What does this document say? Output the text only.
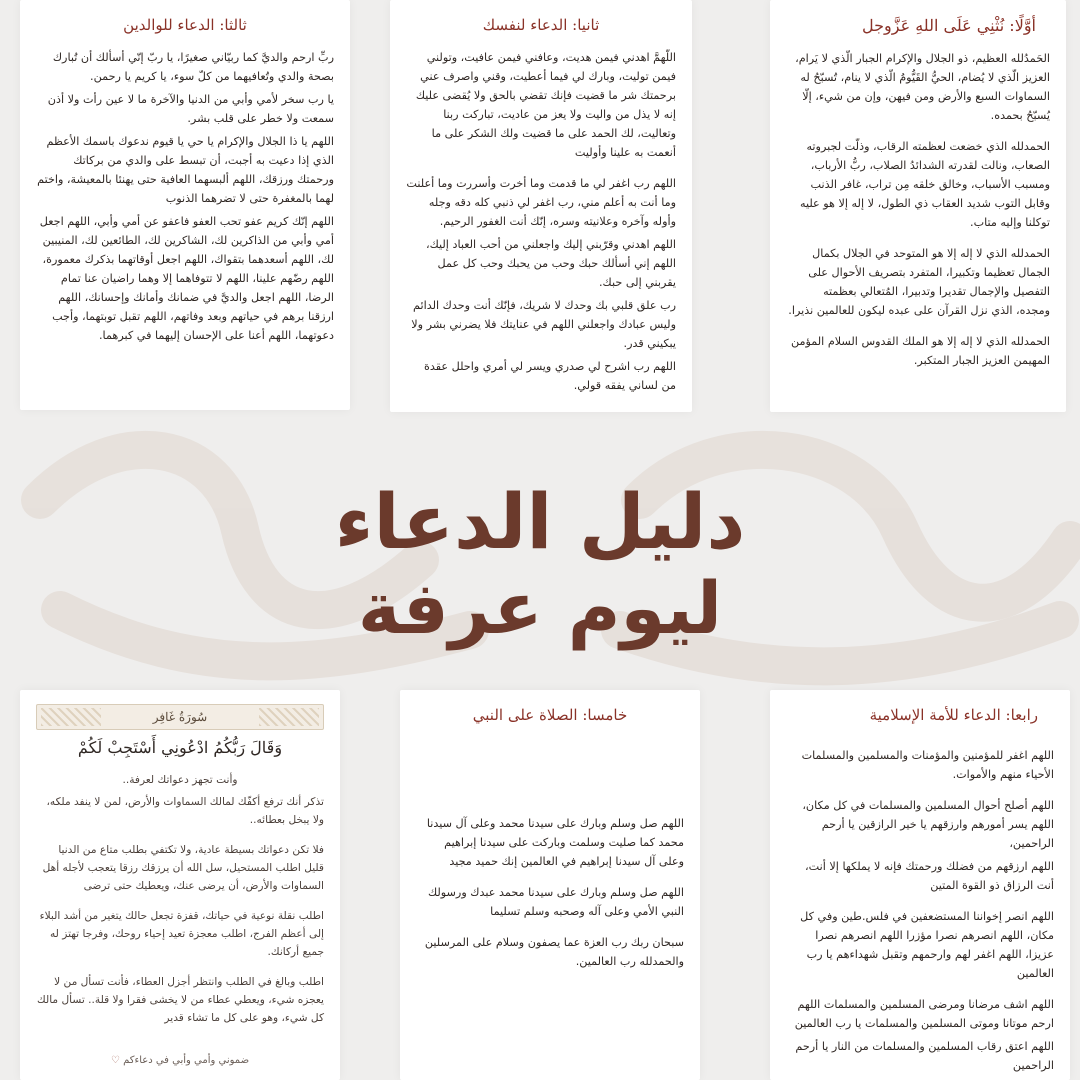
ثالثا: الدعاء للوالدين

ربِّ ارحم والديَّ كما ربيّاني صغيرًا، يا ربّ إنّي أسألك أن تُبارك بصحة والدي وتُعافيهما من كلّ سوء، يا كريم يا رحمن.

يا رب سخر لأمي وأبي من الدنيا والآخرة ما لا عين رأت ولا أذن سمعت ولا خطر على قلب بشر.

اللهم يا ذا الجلال والإكرام يا حي يا قيوم ندعوك باسمك الأعظم الذي إذا دعيت به أجبت، أن تبسط على والدي من بركاتك ورحمتك ورزقك، اللهم ألبسهما العافية حتى يهنئا بالمعيشة، واختم لهما بالمغفرة حتى لا تضرهما الذنوب

اللهم إنّك كريم عفو تحب العفو فاعفو عن أمي وأبي، اللهم اجعل أمي وأبي من الذاكرين لك، الشاكرين لك، الطائعين لك، المنيبين لك، اللهم أسعدهما بتقواك، اللهم اجعل أوقاتهما بذكرك معمورة، اللهم رضّهم علينا، اللهم لا تتوفاهما إلا وهما راضيان عنا تمام الرضا، اللهم اجعل والديَّ في ضمانك وأمانك وإحسانك، اللهم ارزقنا برهم في حياتهم وبعد وفاتهم، اللهم تقبل توبتهما، وأجب دعوتهما، اللهم أعنا على الإحسان إليهما في كبرهما.

ثانيا: الدعاء لنفسك

اللّهمَّ اهدني فيمن هديت، وعافني فيمن عافيت، وتولني فيمن توليت، وبارك لي فيما أعطيت، وقني واصرف عني برحمتك شر ما قضيت فإنك تقضي بالحق ولا يُقضى عليك إنه لا يذل من واليت ولا يعز من عاديت، تباركت ربنا وتعاليت، لك الحمد على ما قضيت ولك الشكر على ما أنعمت به علينا وأوليت

اللهم رب اغفر لي ما قدمت وما أخرت وأسررت وما أعلنت وما أنت به أعلم مني، رب اغفر لي ذنبي كله دقه وجله وأوله وآخره وعلانيته وسره، إنّك أنت الغفور الرحيم.

اللهم اهدني وقرّبني إليك واجعلني من أحب العباد إليك، اللهم إني أسألك حبك وحب من يحبك وحب كل عمل يقربني إلى حبك.

رب علق قلبي بك وحدك لا شريك، فإنّك أنت وحدك الدائم وليس عبادك واجعلني اللهم في عنايتك فلا يضرني بشر ولا يبكيني قدر.

اللهم رب اشرح لي صدري ويسر لي أمري واحلل عقدة من لساني يفقه قولي.

أوَّلًا: نُثْنِي عَلَى اللهِ عَزَّوجل

الحَمدُلله العظيم، ذو الجلال والإكرام الجبار الّذي لا يَرام، العزيز الّذي لا يُضام، الحيُّ القَيُّومُ الّذي لا ينام، تُسبّحُ له السماوات السبع والأرض ومن فيهن، وإن من شيء، إلّا يُسبّحُ بحمده.

الحمدلله الذي خضعت لعظمته الرقاب، وذلّت لجبروته الصعاب، ونالت لقدرته الشدائدُ الصلاب، ربُّ الأرباب، ومسبب الأسباب، وخالق خلقه مِن تراب، غافر الذنب وقابل التوب شديد العقاب ذي الطول، لا إله إلا هو عليه توكلنا وإليه متاب.

الحمدلله الذي لا إله إلا هو المتوحد في الجلال بكمال الجمال تعظيما وتكبيرا، المتفرد بتصريف الأحوال على التفصيل والإجمال تقديرا وتدبيرا، المُتعالي بعظمته ومجده، الذي نزل القرآن على عبده ليكون للعالمين نذيرا.

الحمدلله الذي لا إله إلا هو الملك القدوس السلام المؤمن المهيمن العزيز الجبار المتكبر.

دليل الدعاء
ليوم عرفة
سُورَةُ غَافِر
وَقَالَ رَبُّكُمُ ادْعُونِي أَسْتَجِبْ لَكُمْ

وأنت تجهز دعواتك لعرفة..

تذكر أنك ترفع أكفّك لمالك السماوات والأرض، لمن لا ينفد ملكه، ولا يبخل بعطائه..

فلا تكن دعواتك بسيطة عادية، ولا تكتفي بطلب متاع من الدنيا قليل اطلب المستحيل، سل الله أن يرزقك رزقا يتعجب لأجله أهل السماوات والأرض، أن يرضى عنك، ويعطيك حتى ترضى

اطلب نقلة نوعية في حياتك، قفزة تجعل حالك يتغير من أشد البلاء إلى أعظم الفرج، اطلب معجزة تعيد إحياء روحك، وفرجا تهتز له جميع أركانك.

اطلب وبالغ في الطلب وانتظر أجزل العطاء، فأنت تسأل من لا يعجزه شيء، ويعطي عطاء من لا يخشى فقرا ولا قلة.. تسأل مالك كل شيء، وهو على كل ما تشاء قدير

ضموني وأمي وأبي في دعاءكم ♡
خامسا: الصلاة على النبي

اللهم صل وسلم وبارك على سيدنا محمد وعلى آل سيدنا محمد كما صليت وسلمت وباركت على سيدنا إبراهيم وعلى آل سيدنا إبراهيم في العالمين إنك حميد مجيد

اللهم صل وسلم وبارك على سيدنا محمد عبدك ورسولك النبي الأمي وعلى آله وصحبه وسلم تسليما

سبحان ربك رب العزة عما يصفون وسلام على المرسلين والحمدلله رب العالمين.

رابعا: الدعاء للأمة الإسلامية

اللهم اغفر للمؤمنين والمؤمنات والمسلمين والمسلمات الأحياء منهم والأموات.

اللهم أصلح أحوال المسلمين والمسلمات في كل مكان، اللهم يسر أمورهم وارزقهم يا خير الرازقين يا أرحم الراحمين،

اللهم ارزقهم من فضلك ورحمتك فإنه لا يملكها إلا أنت، أنت الرزاق ذو القوة المتين

اللهم انصر إخواننا المستضعفين في فلس.طين وفي كل مكان، اللهم انصرهم نصرا مؤزرا اللهم انصرهم نصرا عزيزا، اللهم اغفر لهم وارحمهم وتقبل شهداءهم يا رب العالمين

اللهم اشف مرضانا ومرضى المسلمين والمسلمات اللهم ارحم موتانا وموتى المسلمين والمسلمات يا رب العالمين

اللهم اعتق رقاب المسلمين والمسلمات من النار يا أرحم الراحمين
